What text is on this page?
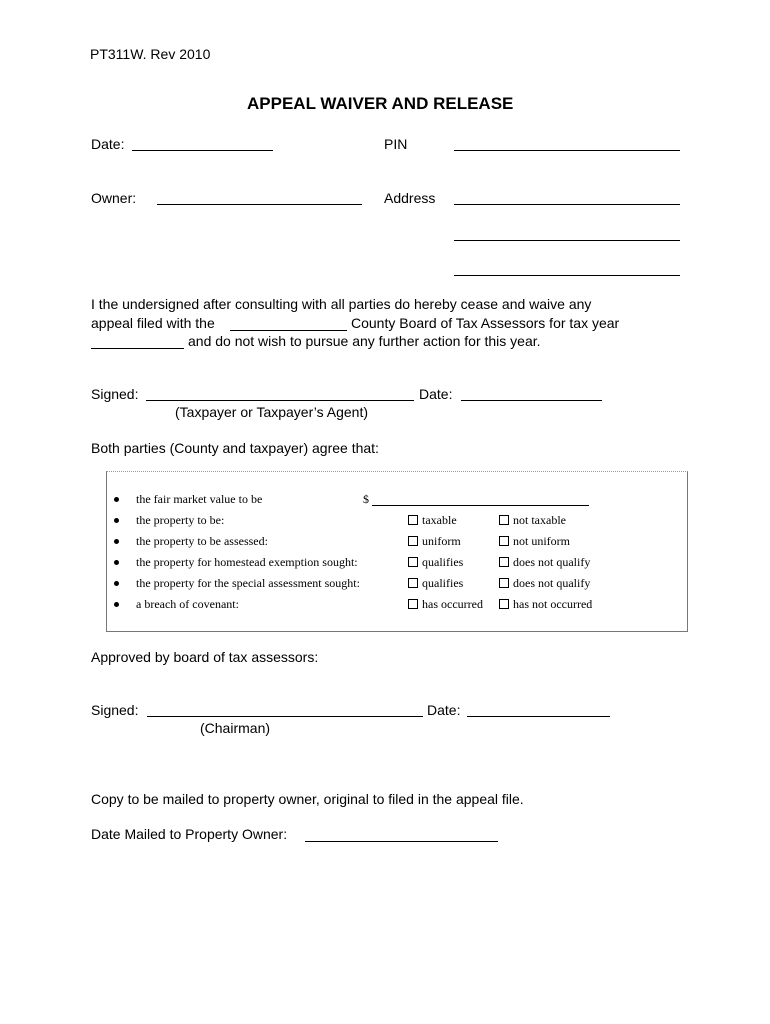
PT311W. Rev 2010
APPEAL WAIVER AND RELEASE
Date:	PIN
Owner:	Address
I the undersigned after consulting with all parties do hereby cease and waive any
appeal filed with the	County Board of Tax Assessors for tax year
and do not wish to pursue any further action for this year.
Signed:	Date:
(Taxpayer or Taxpayer’s Agent)
Both parties (County and taxpayer) agree that:
the fair market value to be	$
the property to be:	taxable	not taxable
the property to be assessed:	uniform	not uniform
the property for homestead exemption sought:	qualifies	does not qualify
the property for the special assessment sought:	qualifies	does not qualify
a breach of covenant:	has occurred	has not occurred
Approved by board of tax assessors:
Signed:	Date:
(Chairman)
Copy to be mailed to property owner, original to filed in the appeal file.
Date Mailed to Property Owner:
